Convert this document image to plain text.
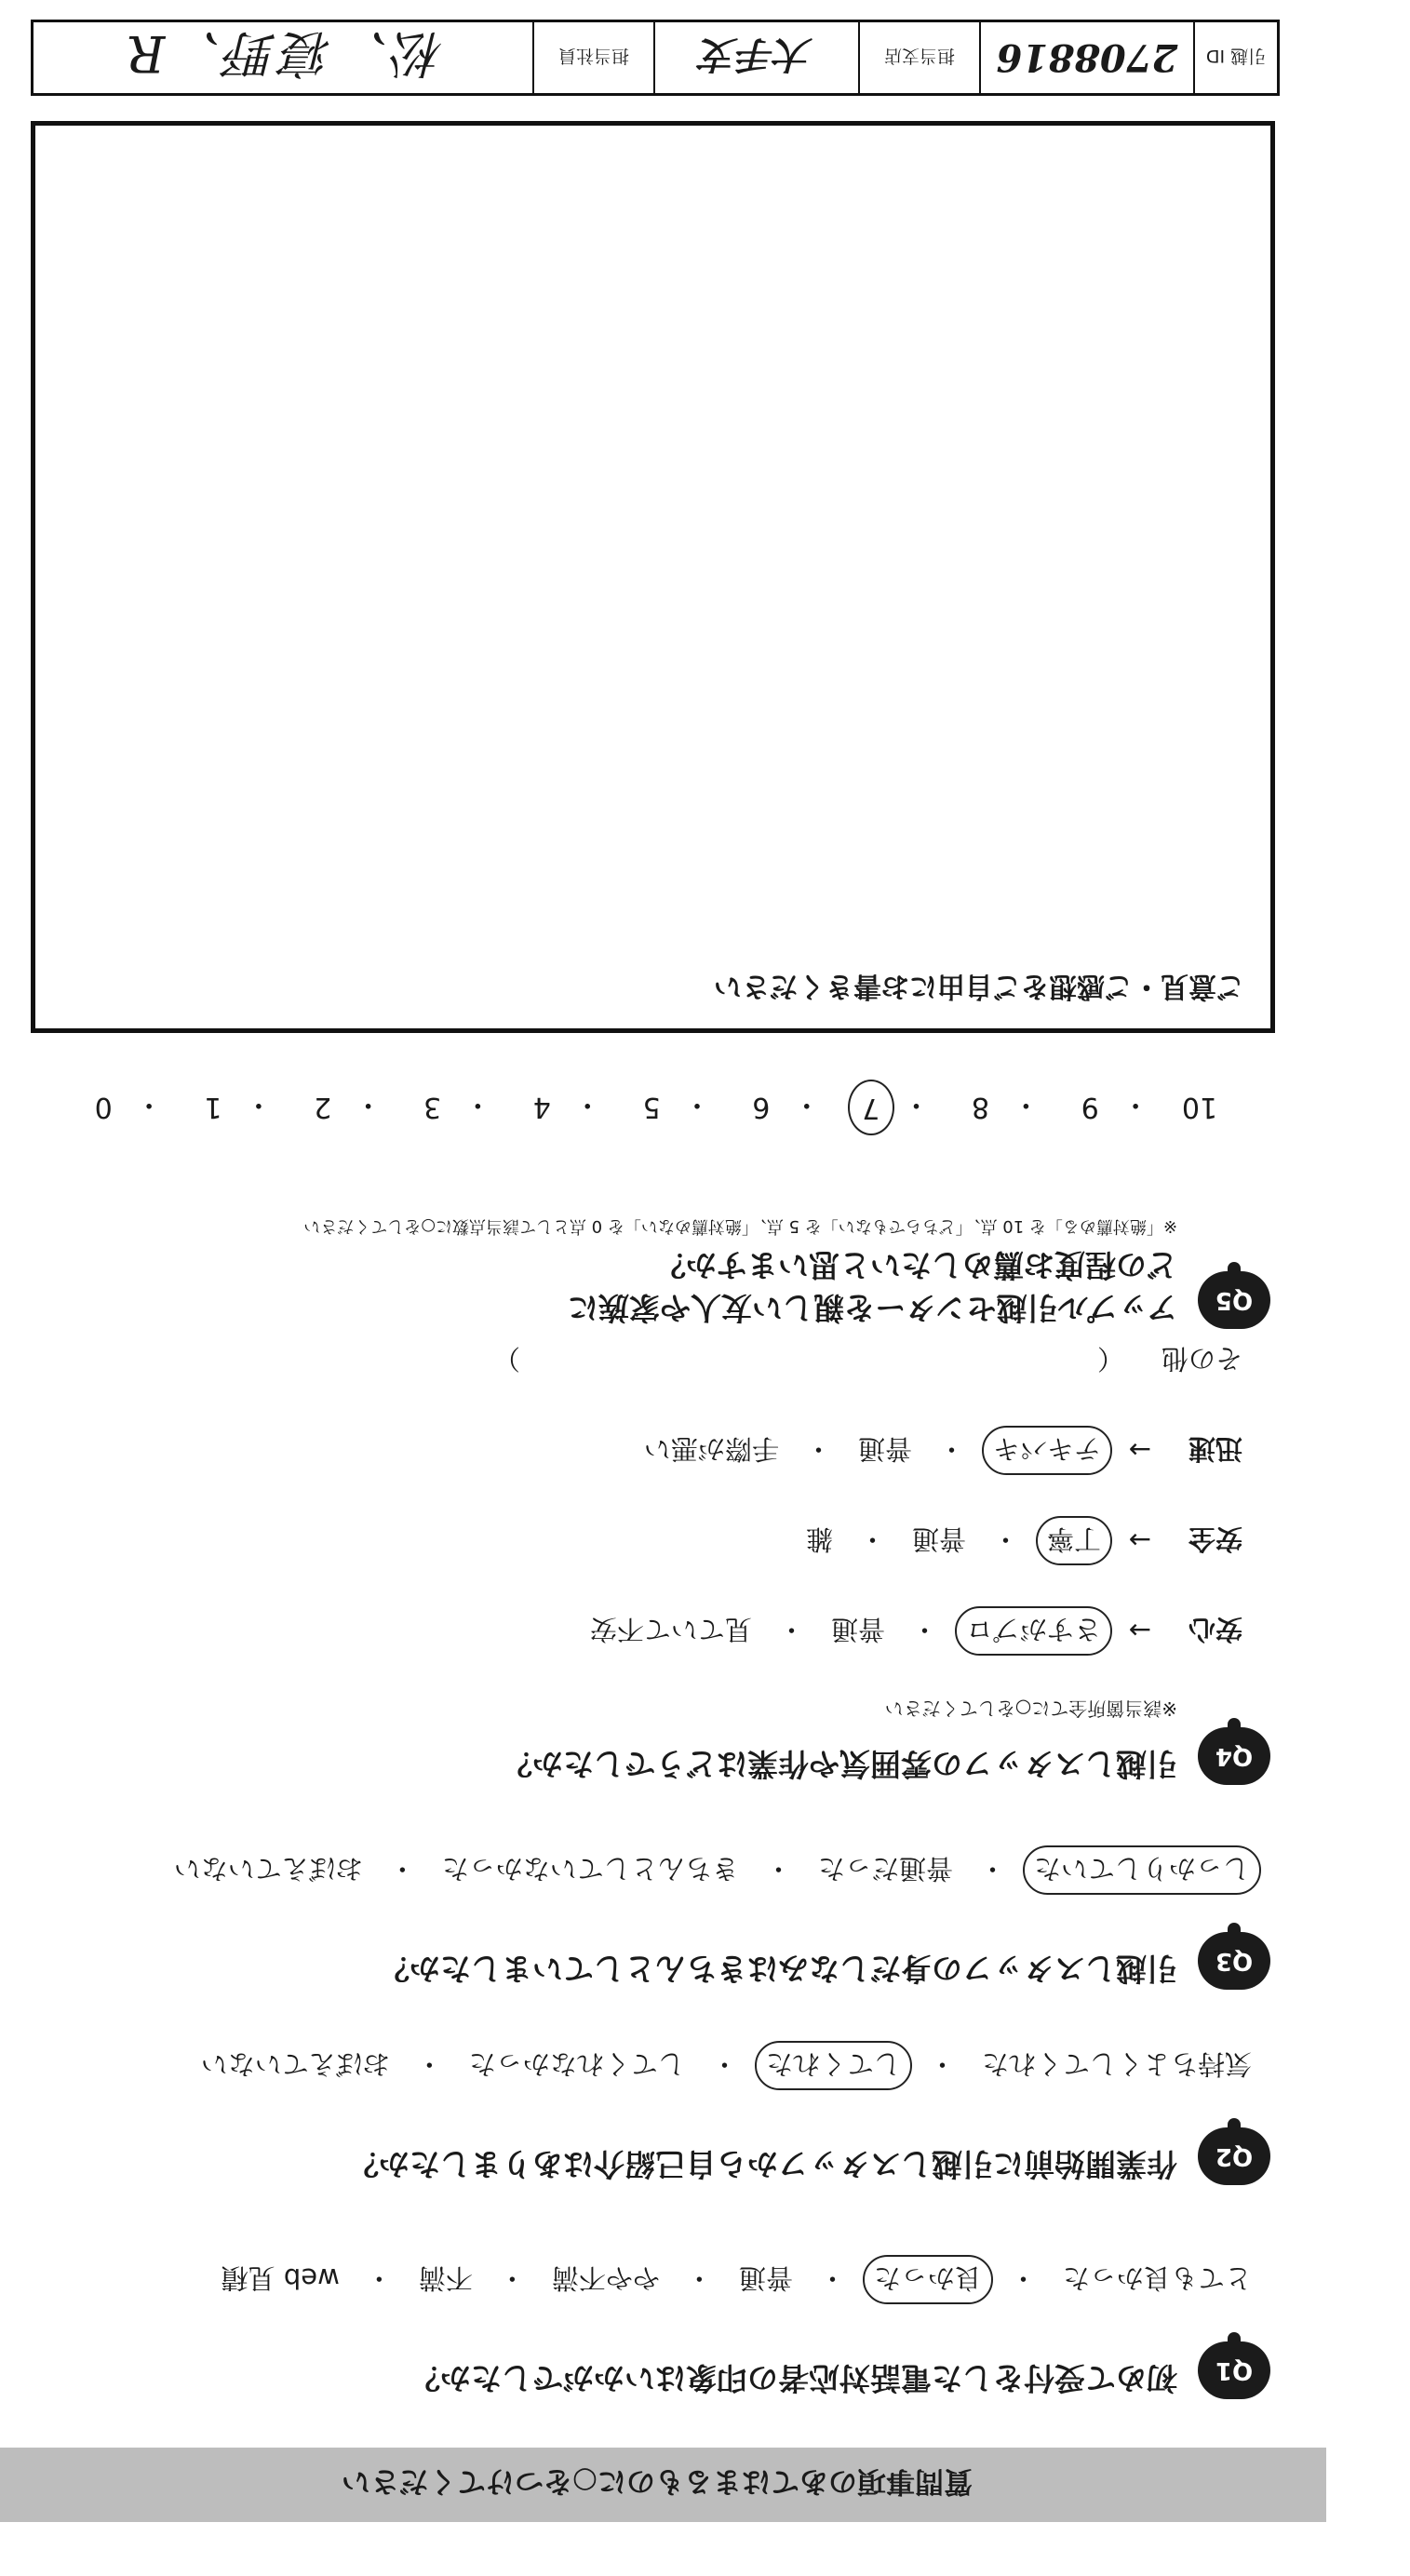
質問事項のあてはまるものに○をつけてください
Q1
初めて受付をした電話対応者の印象はいかがでしたか？
とても良かった
・
良かった
・
普通
・
やや不満
・
不満
・
web 見積
Q2
作業開始前に引越しスタッフから自己紹介はありましたか？
気持ちよくしてくれた
・
してくれた
・
してくれなかった
・
おぼえていない
Q3
引越しスタッフの身だしなみはきちんとしていましたか？
しっかりしていた
・
普通だった
・
きちんとしていなかった
・
おぼえていない
Q4
引越しスタッフの雰囲気や作業はどうでしたか？
※該当箇所全てに○をしてください
安心
→
さすがプロ
・
普通
・
見ていて不安
安全
→
丁寧
・
普通
・
雑
迅速
→
テキパキ
・
普通
・
手際が悪い
その他
（
）
Q5
アップル引越センターを親しい友人や家族に
どの程度お薦めしたいと思いますか？
※「絶対薦める」を 10 点、「どちらでもない」を 5 点、「絶対薦めない」を 0 点として該当点数に○をしてください
10
・
9
・
8
・
7
・
6
・
5
・
4
・
3
・
2
・
1
・
0
ご意見・ご感想をご自由にお書きください
引越 ID
2708816
担当支店
大手支
担当社員
松、寝野、R
